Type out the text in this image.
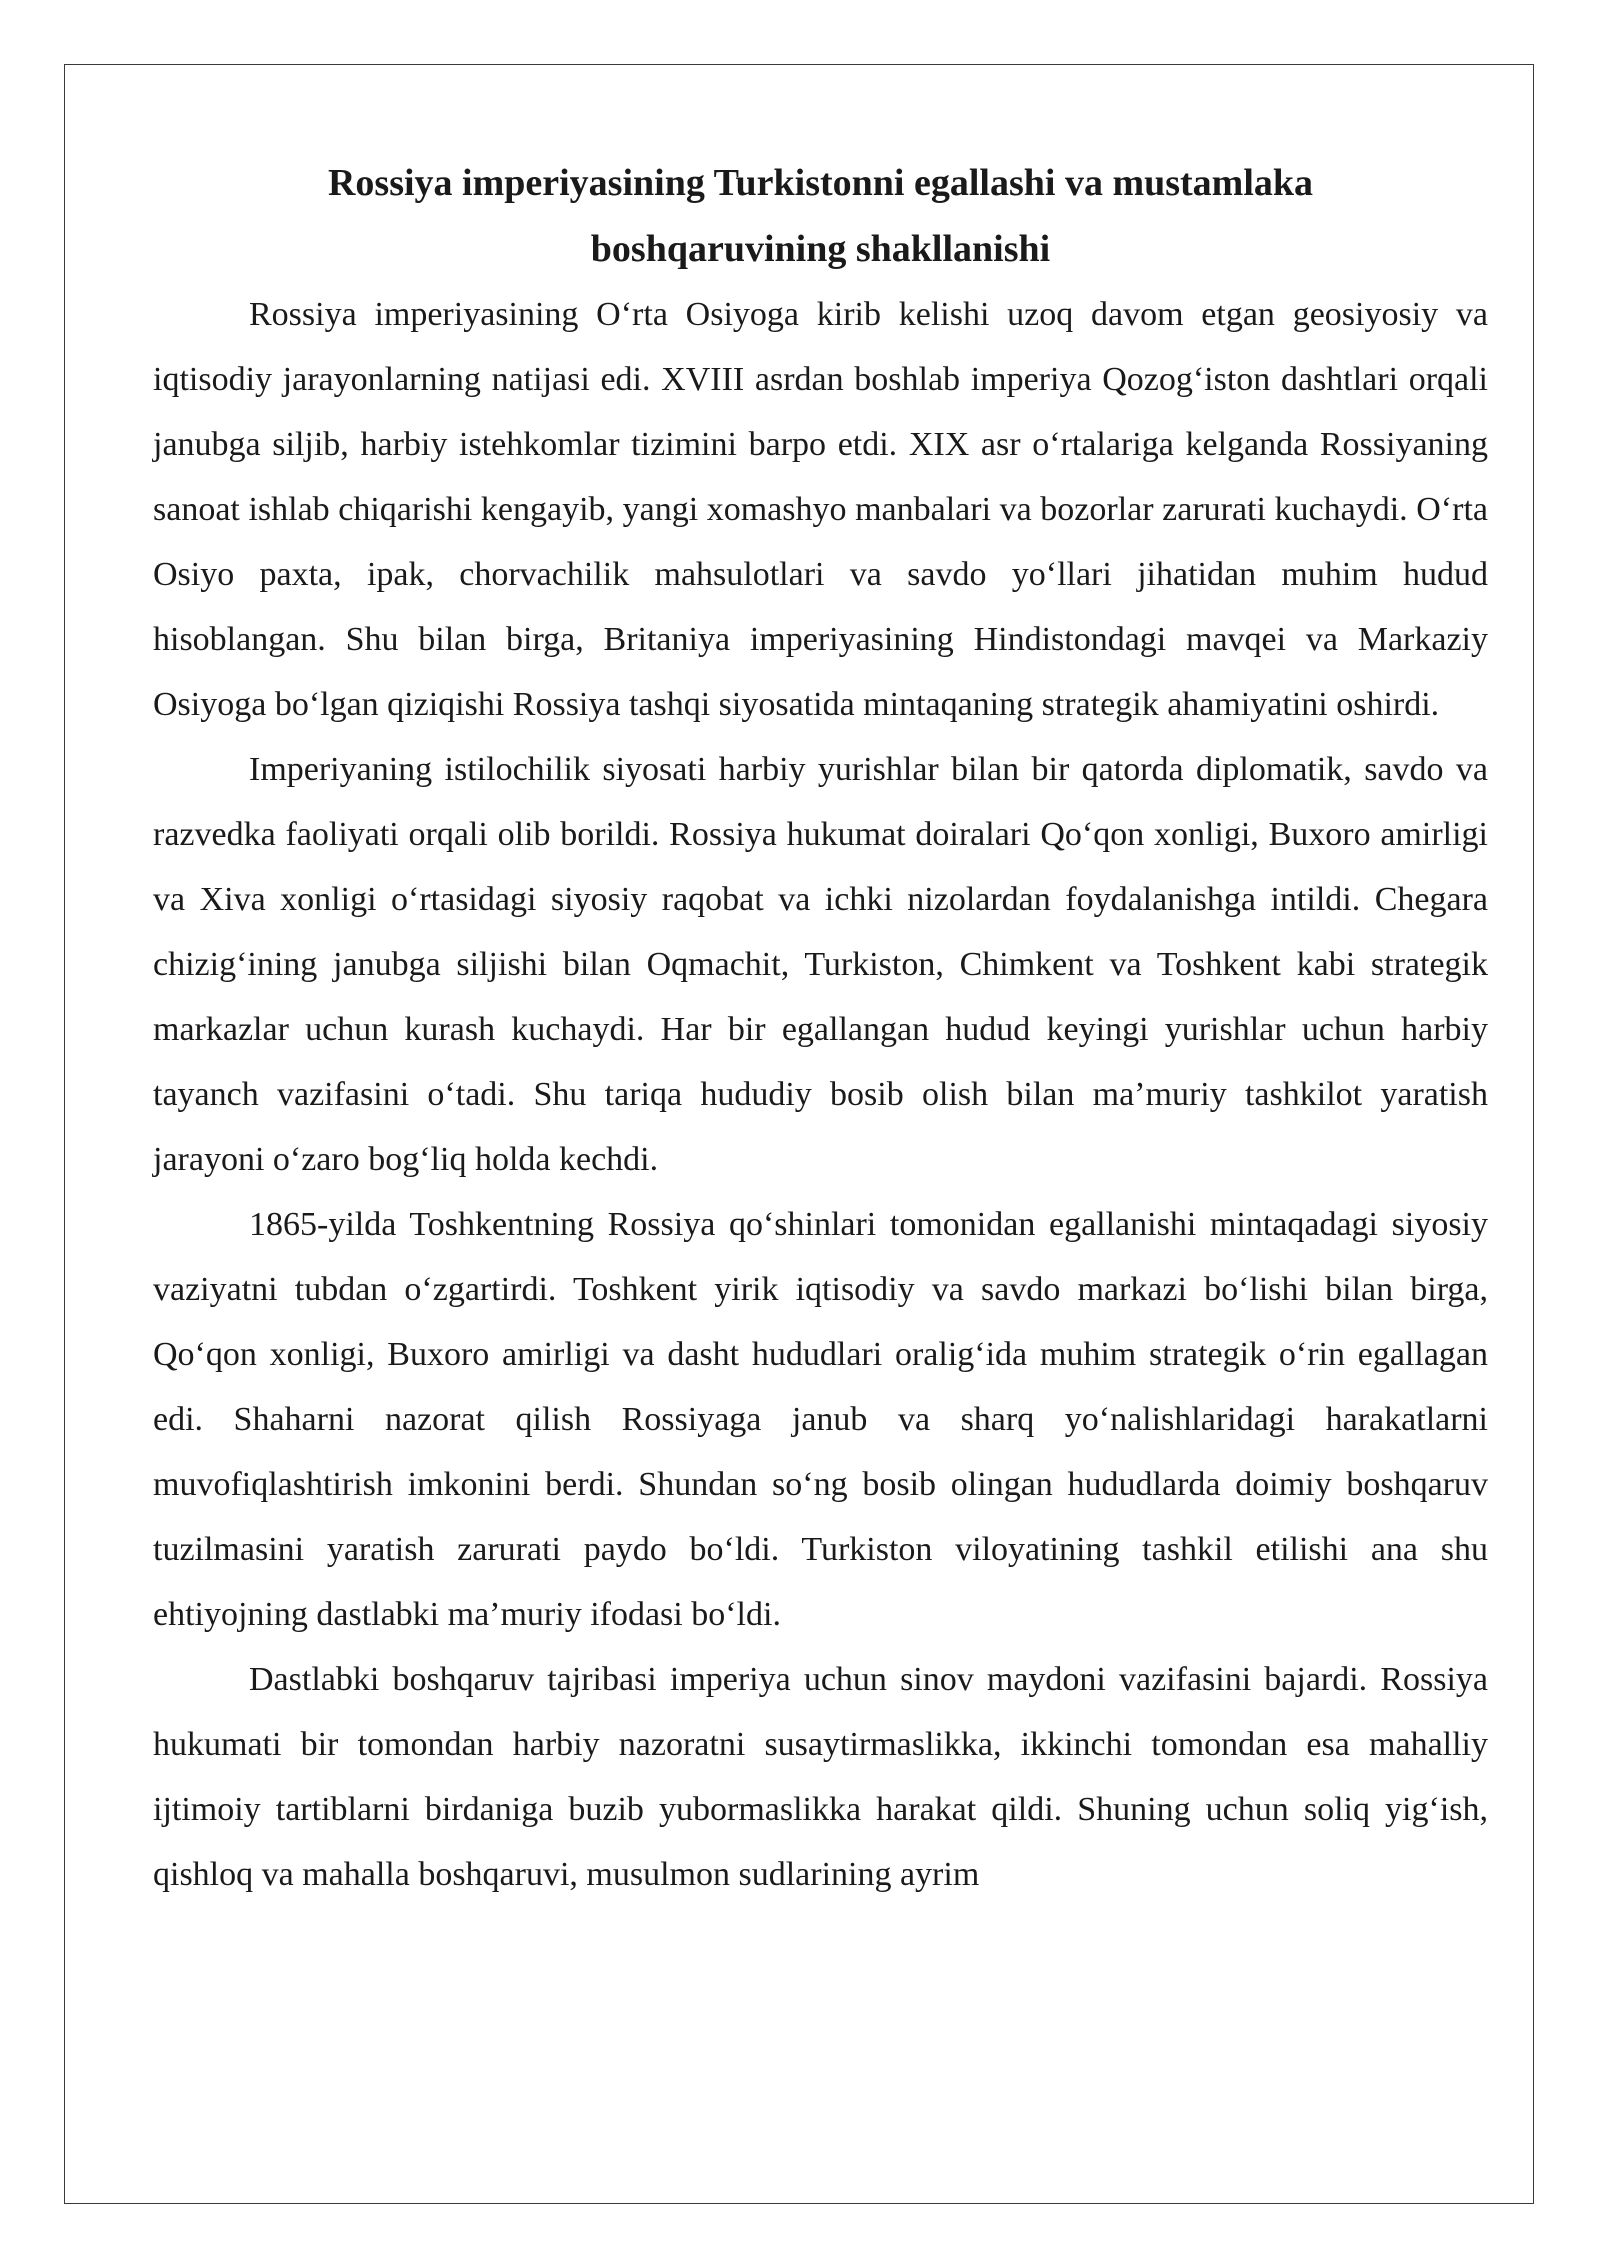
Rossiya imperiyasining Turkistonni egallashi va mustamlaka
boshqaruvining shakllanishi

Rossiya imperiyasining O‘rta Osiyoga kirib kelishi uzoq davom etgan geosiyosiy va iqtisodiy jarayonlarning natijasi edi. XVIII asrdan boshlab imperiya Qozog‘iston dashtlari orqali janubga siljib, harbiy istehkomlar tizimini barpo etdi. XIX asr o‘rtalariga kelganda Rossiyaning sanoat ishlab chiqarishi kengayib, yangi xomashyo manbalari va bozorlar zarurati kuchaydi. O‘rta Osiyo paxta, ipak, chorvachilik mahsulotlari va savdo yo‘llari jihatidan muhim hudud hisoblangan. Shu bilan birga, Britaniya imperiyasining Hindistondagi mavqei va Markaziy Osiyoga bo‘lgan qiziqishi Rossiya tashqi siyosatida mintaqaning strategik ahamiyatini oshirdi.

Imperiyaning istilochilik siyosati harbiy yurishlar bilan bir qatorda diplomatik, savdo va razvedka faoliyati orqali olib borildi. Rossiya hukumat doiralari Qo‘qon xonligi, Buxoro amirligi va Xiva xonligi o‘rtasidagi siyosiy raqobat va ichki nizolardan foydalanishga intildi. Chegara chizig‘ining janubga siljishi bilan Oqmachit, Turkiston, Chimkent va Toshkent kabi strategik markazlar uchun kurash kuchaydi. Har bir egallangan hudud keyingi yurishlar uchun harbiy tayanch vazifasini o‘tadi. Shu tariqa hududiy bosib olish bilan ma’muriy tashkilot yaratish jarayoni o‘zaro bog‘liq holda kechdi.

1865-yilda Toshkentning Rossiya qo‘shinlari tomonidan egallanishi mintaqadagi siyosiy vaziyatni tubdan o‘zgartirdi. Toshkent yirik iqtisodiy va savdo markazi bo‘lishi bilan birga, Qo‘qon xonligi, Buxoro amirligi va dasht hududlari oralig‘ida muhim strategik o‘rin egallagan edi. Shaharni nazorat qilish Rossiyaga janub va sharq yo‘nalishlaridagi harakatlarni muvofiqlashtirish imkonini berdi. Shundan so‘ng bosib olingan hududlarda doimiy boshqaruv tuzilmasini yaratish zarurati paydo bo‘ldi. Turkiston viloyatining tashkil etilishi ana shu ehtiyojning dastlabki ma’muriy ifodasi bo‘ldi.

Dastlabki boshqaruv tajribasi imperiya uchun sinov maydoni vazifasini bajardi. Rossiya hukumati bir tomondan harbiy nazoratni susaytirmaslikka, ikkinchi tomondan esa mahalliy ijtimoiy tartiblarni birdaniga buzib yubormaslikka harakat qildi. Shuning uchun soliq yig‘ish, qishloq va mahalla boshqaruvi, musulmon sudlarining ayrim
